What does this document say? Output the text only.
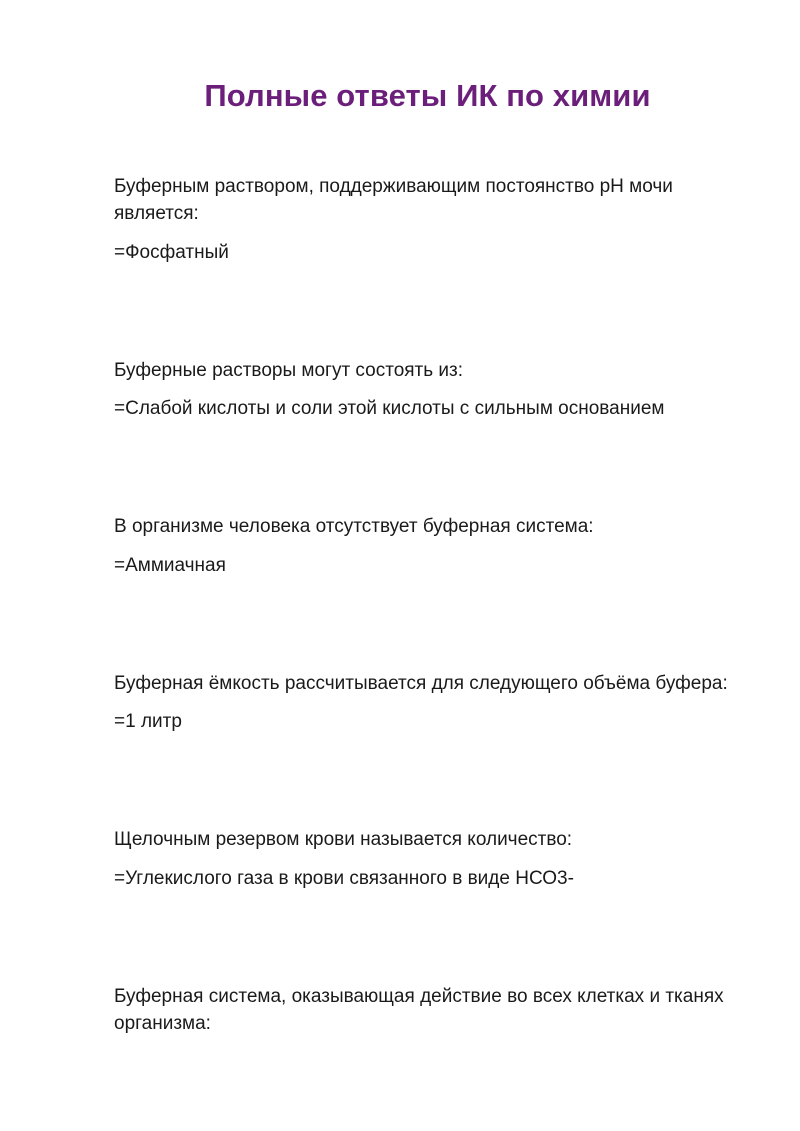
Полные ответы ИК по химии
Буферным раствором, поддерживающим постоянство рН мочи
является:
=Фосфатный
Буферные растворы могут состоять из:
=Слабой кислоты и соли этой кислоты с сильным основанием
В организме человека отсутствует буферная система:
=Аммиачная
Буферная ёмкость рассчитывается для следующего объёма буфера:
=1 литр
Щелочным резервом крови называется количество:
=Углекислого газа в крови связанного в виде НСО3-
Буферная система, оказывающая действие во всех клетках и тканях
организма:
